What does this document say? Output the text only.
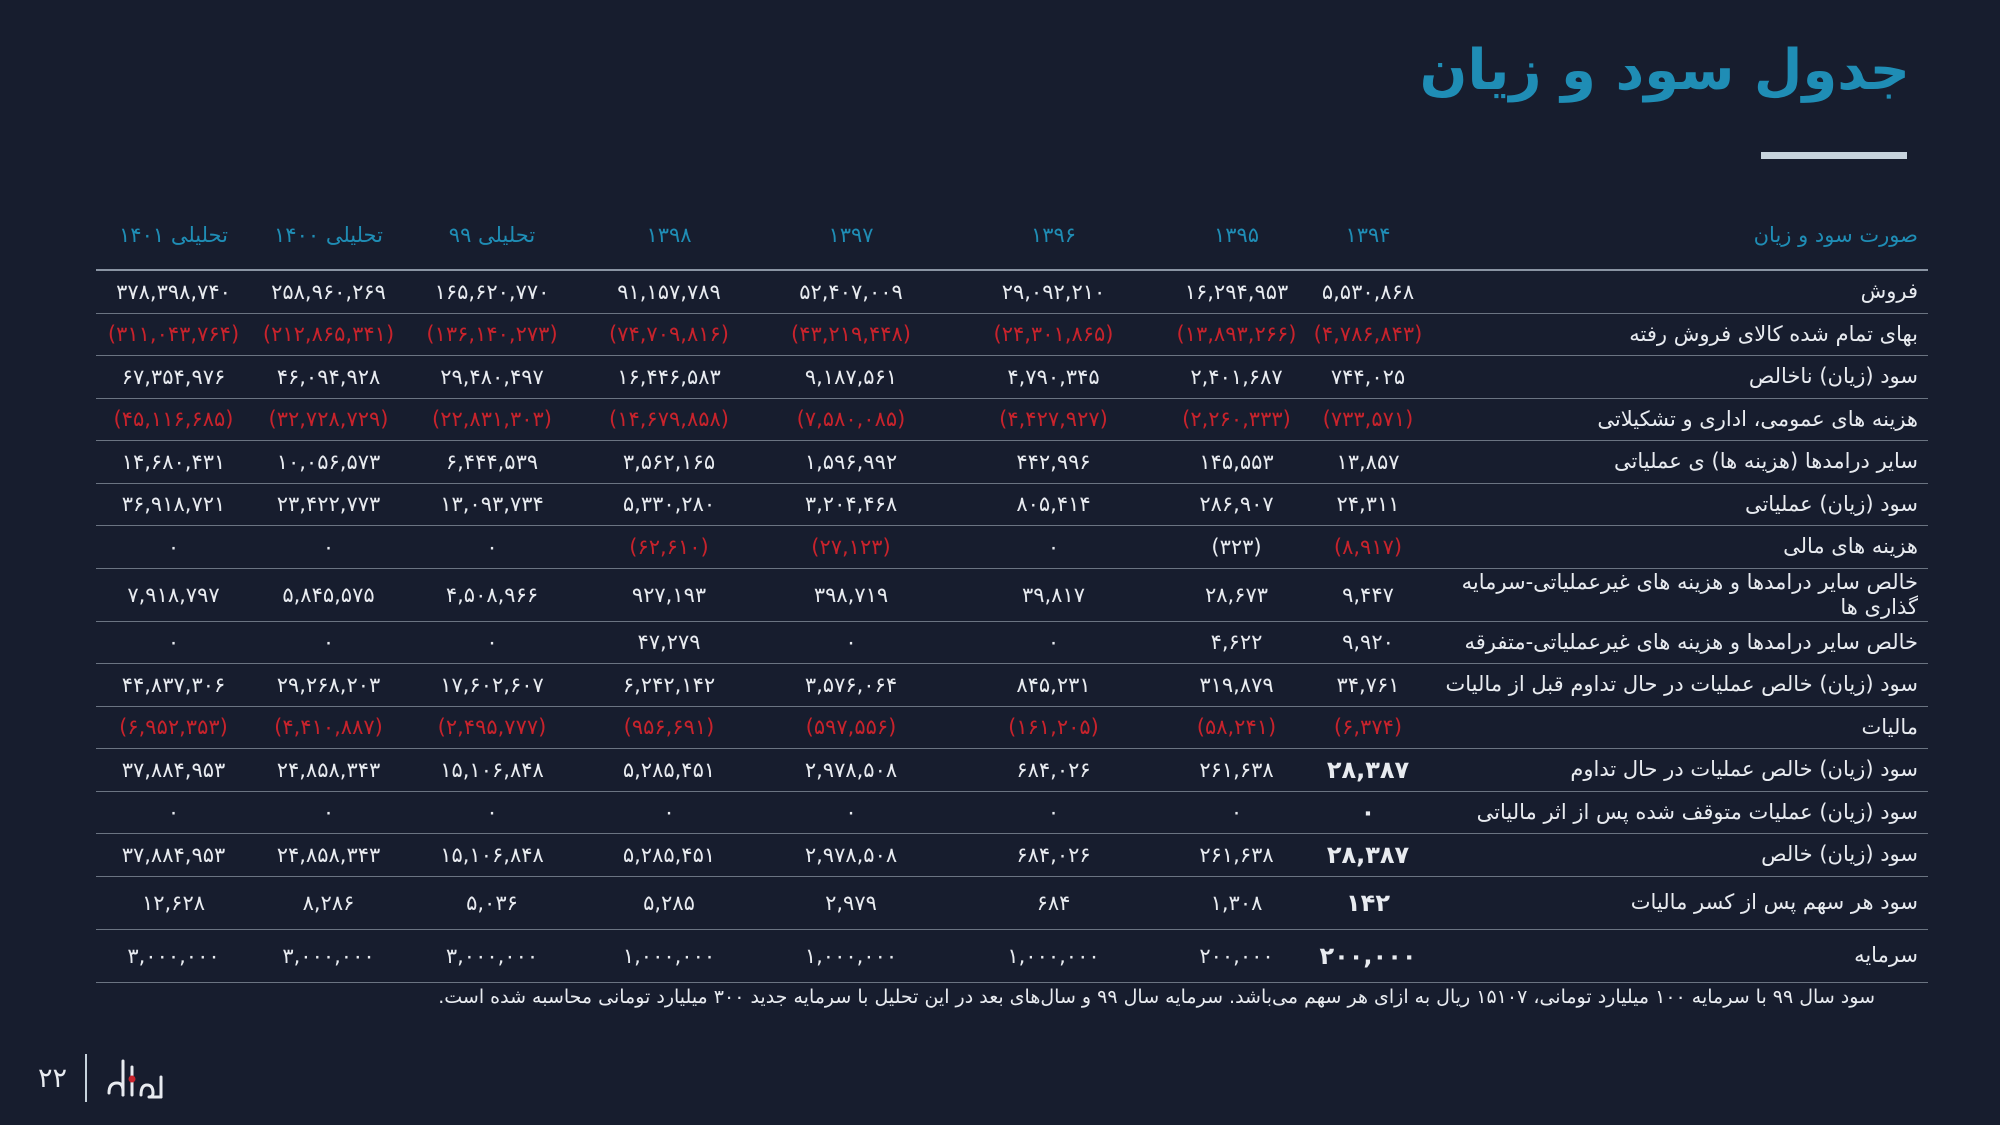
جدول سود و زیان
صورت سود و زیان	۱۳۹۴	۱۳۹۵	۱۳۹۶	۱۳۹۷	۱۳۹۸	تحلیلی ۹۹	تحلیلی ۱۴۰۰	تحلیلی ۱۴۰۱
فروش	۵,۵۳۰,۸۶۸	۱۶,۲۹۴,۹۵۳	۲۹,۰۹۲,۲۱۰	۵۲,۴۰۷,۰۰۹	۹۱,۱۵۷,۷۸۹	۱۶۵,۶۲۰,۷۷۰	۲۵۸,۹۶۰,۲۶۹	۳۷۸,۳۹۸,۷۴۰
بهای تمام شده کالای فروش رفته	(۴,۷۸۶,۸۴۳)	(۱۳,۸۹۳,۲۶۶)	(۲۴,۳۰۱,۸۶۵)	(۴۳,۲۱۹,۴۴۸)	(۷۴,۷۰۹,۸۱۶)	(۱۳۶,۱۴۰,۲۷۳)	(۲۱۲,۸۶۵,۳۴۱)	(۳۱۱,۰۴۳,۷۶۴)
سود (زیان) ناخالص	۷۴۴,۰۲۵	۲,۴۰۱,۶۸۷	۴,۷۹۰,۳۴۵	۹,۱۸۷,۵۶۱	۱۶,۴۴۶,۵۸۳	۲۹,۴۸۰,۴۹۷	۴۶,۰۹۴,۹۲۸	۶۷,۳۵۴,۹۷۶
هزینه های عمومی، اداری و تشکیلاتی	(۷۳۳,۵۷۱)	(۲,۲۶۰,۳۳۳)	(۴,۴۲۷,۹۲۷)	(۷,۵۸۰,۰۸۵)	(۱۴,۶۷۹,۸۵۸)	(۲۲,۸۳۱,۳۰۳)	(۳۲,۷۲۸,۷۲۹)	(۴۵,۱۱۶,۶۸۵)
سایر درامدها (هزینه ها) ی عملیاتی	۱۳,۸۵۷	۱۴۵,۵۵۳	۴۴۲,۹۹۶	۱,۵۹۶,۹۹۲	۳,۵۶۲,۱۶۵	۶,۴۴۴,۵۳۹	۱۰,۰۵۶,۵۷۳	۱۴,۶۸۰,۴۳۱
سود (زیان) عملیاتی	۲۴,۳۱۱	۲۸۶,۹۰۷	۸۰۵,۴۱۴	۳,۲۰۴,۴۶۸	۵,۳۳۰,۲۸۰	۱۳,۰۹۳,۷۳۴	۲۳,۴۲۲,۷۷۳	۳۶,۹۱۸,۷۲۱
هزینه های مالی	(۸,۹۱۷)	(۳۲۳)	۰	(۲۷,۱۲۳)	(۶۲,۶۱۰)	۰	۰	۰
خالص سایر درامدها و هزینه های غیرعملیاتی-سرمایه گذاری ها	۹,۴۴۷	۲۸,۶۷۳	۳۹,۸۱۷	۳۹۸,۷۱۹	۹۲۷,۱۹۳	۴,۵۰۸,۹۶۶	۵,۸۴۵,۵۷۵	۷,۹۱۸,۷۹۷
خالص سایر درامدها و هزینه های غیرعملیاتی-متفرقه	۹,۹۲۰	۴,۶۲۲	۰	۰	۴۷,۲۷۹	۰	۰	۰
سود (زیان) خالص عملیات در حال تداوم قبل از مالیات	۳۴,۷۶۱	۳۱۹,۸۷۹	۸۴۵,۲۳۱	۳,۵۷۶,۰۶۴	۶,۲۴۲,۱۴۲	۱۷,۶۰۲,۶۰۷	۲۹,۲۶۸,۲۰۳	۴۴,۸۳۷,۳۰۶
مالیات	(۶,۳۷۴)	(۵۸,۲۴۱)	(۱۶۱,۲۰۵)	(۵۹۷,۵۵۶)	(۹۵۶,۶۹۱)	(۲,۴۹۵,۷۷۷)	(۴,۴۱۰,۸۸۷)	(۶,۹۵۲,۳۵۳)
سود (زیان) خالص عملیات در حال تداوم	۲۸,۳۸۷	۲۶۱,۶۳۸	۶۸۴,۰۲۶	۲,۹۷۸,۵۰۸	۵,۲۸۵,۴۵۱	۱۵,۱۰۶,۸۴۸	۲۴,۸۵۸,۳۴۳	۳۷,۸۸۴,۹۵۳
سود (زیان) عملیات متوقف شده پس از اثر مالیاتی	۰	۰	۰	۰	۰	۰	۰	۰
سود (زیان) خالص	۲۸,۳۸۷	۲۶۱,۶۳۸	۶۸۴,۰۲۶	۲,۹۷۸,۵۰۸	۵,۲۸۵,۴۵۱	۱۵,۱۰۶,۸۴۸	۲۴,۸۵۸,۳۴۳	۳۷,۸۸۴,۹۵۳
سود هر سهم پس از کسر مالیات	۱۴۲	۱,۳۰۸	۶۸۴	۲,۹۷۹	۵,۲۸۵	۵,۰۳۶	۸,۲۸۶	۱۲,۶۲۸
سرمایه	۲۰۰,۰۰۰	۲۰۰,۰۰۰	۱,۰۰۰,۰۰۰	۱,۰۰۰,۰۰۰	۱,۰۰۰,۰۰۰	۳,۰۰۰,۰۰۰	۳,۰۰۰,۰۰۰	۳,۰۰۰,۰۰۰

سود سال ۹۹ با سرمایه ۱۰۰ میلیارد تومانی، ۱۵۱۰۷ ریال به ازای هر سهم می‌باشد. سرمایه سال ۹۹ و سال‌های بعد در این تحلیل با سرمایه جدید ۳۰۰ میلیارد تومانی محاسبه شده است.

۲۲
